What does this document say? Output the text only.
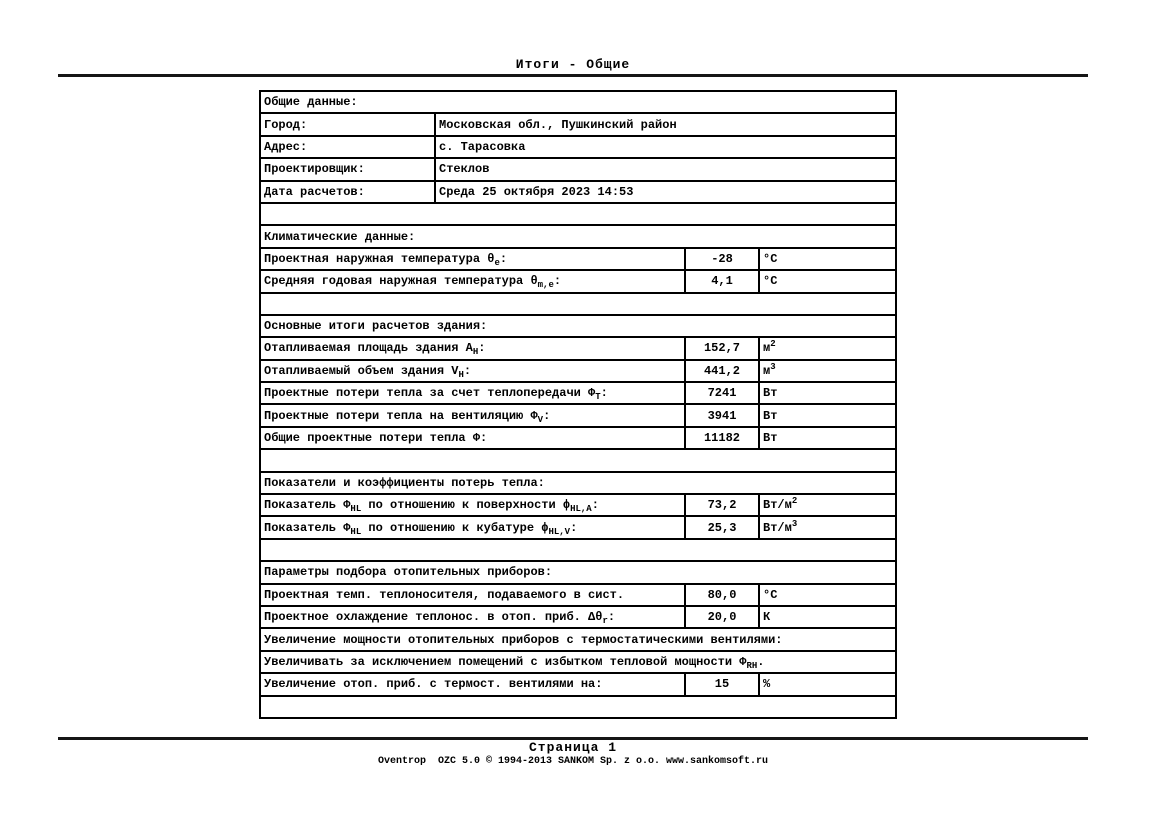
Итоги - Общие
Общие данные:			
Город:	Московская обл., Пушкинский район		
Адрес:	с. Тарасовка		
Проектировщик:	Стеклов		
Дата расчетов:	Среда 25 октября 2023 14:53		

Климатические данные:			
Проектная наружная температура $\theta_e$:		-28	°C
Средняя годовая наружная температура $\theta_{m,e}$:		4,1	°C

Основные итоги расчетов здания:			
Отапливаемая площадь здания $A_H$:		152,7	$м^2$
Отапливаемый объем здания $V_H$:		441,2	$м^3$
Проектные потери тепла за счет теплопередачи $\Phi_T$:		7241	Вт
Проектные потери тепла на вентиляцию $\Phi_V$:		3941	Вт
Общие проектные потери тепла Φ:		11182	Вт

Показатели и коэффициенты потерь тепла:			
Показатель $\Phi_{HL}$ по отношению к поверхности $\phi_{HL,A}$:		73,2	$Вт/м^2$
Показатель $\Phi_{HL}$ по отношению к кубатуре $\phi_{HL,V}$:		25,3	$Вт/м^3$

Параметры подбора отопительных приборов:			
Проектная темп. теплоносителя, подаваемого в сист.		80,0	°C
Проектное охлаждение теплонос. в отоп. приб. $\Delta\theta_r$:		20,0	К
Увеличение мощности отопительных приборов с термостатическими вентилями:			
Увеличивать за исключением помещений с избытком тепловой мощности $\Phi_{RH}$.			
Увеличение отоп. приб. с термост. вентилями на:		15	%

Страница 1
Oventrop  OZC 5.0 © 1994-2013 SANKOM Sp. z o.o. www.sankomsoft.ru
